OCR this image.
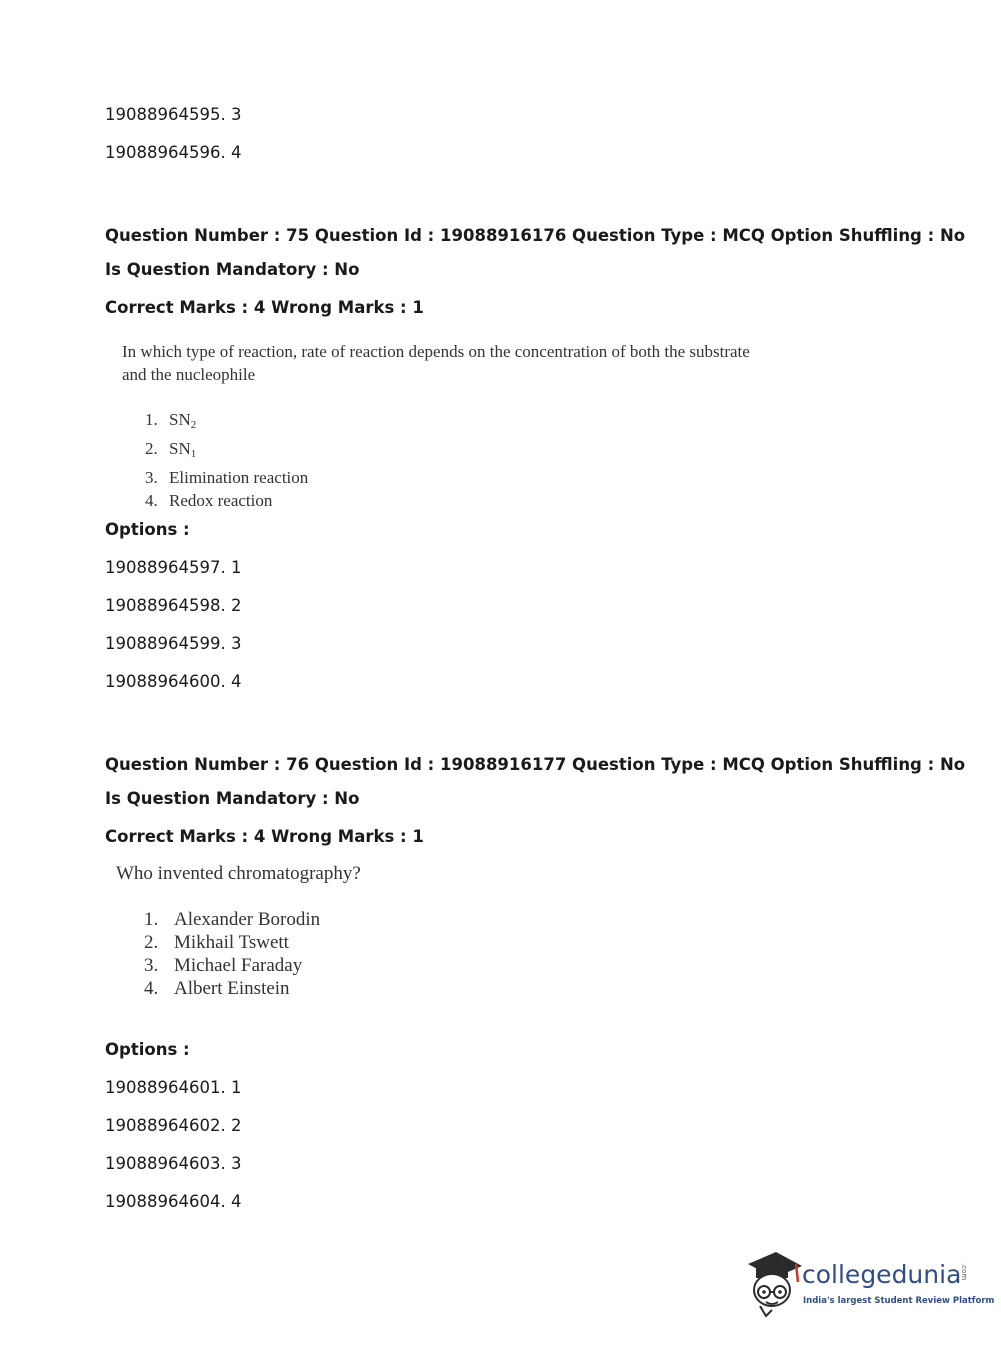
19088964595. 3
19088964596. 4
Question Number : 75 Question Id : 19088916176 Question Type : MCQ Option Shuffling : No
Is Question Mandatory : No
Correct Marks : 4 Wrong Marks : 1
In which type of reaction, rate of reaction depends on the concentration of both the substrate
and the nucleophile
1. $SN_2$
2. $SN_1$
3. Elimination reaction
4. Redox reaction
Options :
19088964597. 1
19088964598. 2
19088964599. 3
19088964600. 4
Question Number : 76 Question Id : 19088916177 Question Type : MCQ Option Shuffling : No
Is Question Mandatory : No
Correct Marks : 4 Wrong Marks : 1
Who invented chromatography?
1. Alexander Borodin
2. Mikhail Tswett
3. Michael Faraday
4. Albert Einstein
Options :
19088964601. 1
19088964602. 2
19088964603. 3
19088964604. 4
collegedunia
.com
India's largest Student Review Platform
